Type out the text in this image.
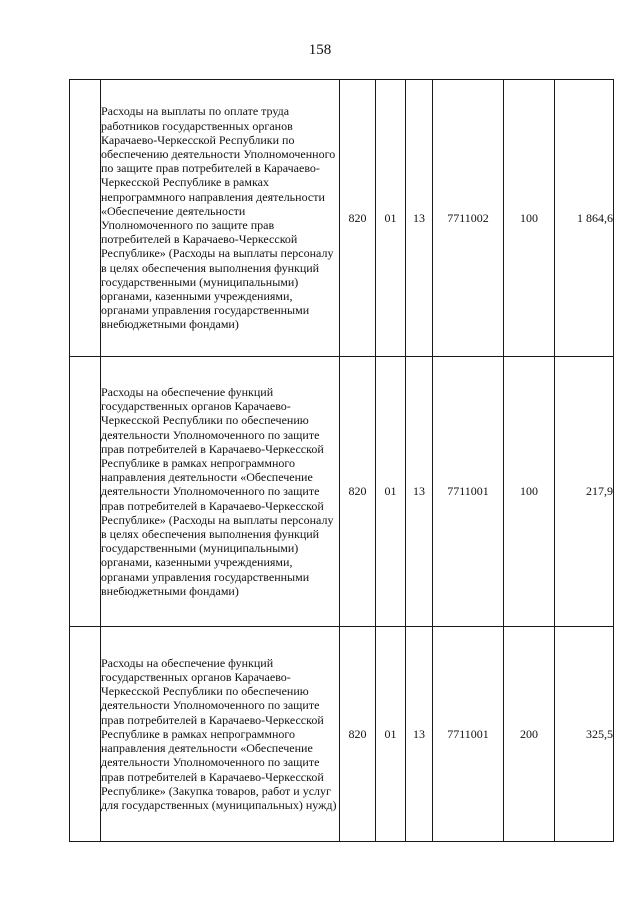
158
	Расходы на выплаты по оплате труда работников государственных органов Карачаево-Черкесской Республики по обеспечению деятельности Уполномоченного по защите прав потребителей в Карачаево-Черкесской Республике в рамках непрограммного направления деятельности «Обеспечение деятельности Уполномоченного по защите прав потребителей в Карачаево-Черкесской Республике» (Расходы на выплаты персоналу в целях обеспечения выполнения функций государственными (муниципальными) органами, казенными учреждениями, органами управления государственными внебюджетными фондами)	820	01	13	7711002	100	1 864,6
	Расходы на обеспечение функций государственных органов Карачаево-Черкесской Республики по обеспечению деятельности Уполномоченного по защите прав потребителей в Карачаево-Черкесской Республике в рамках непрограммного направления деятельности «Обеспечение деятельности Уполномоченного по защите прав потребителей в Карачаево-Черкесской Республике» (Расходы на выплаты персоналу в целях обеспечения выполнения функций государственными (муниципальными) органами, казенными учреждениями, органами управления государственными внебюджетными фондами)	820	01	13	7711001	100	217,9
	Расходы на обеспечение функций государственных органов Карачаево-Черкесской Республики по обеспечению деятельности Уполномоченного по защите прав потребителей в Карачаево-Черкесской Республике в рамках непрограммного направления деятельности «Обеспечение деятельности Уполномоченного по защите прав потребителей в Карачаево-Черкесской Республике» (Закупка товаров, работ и услуг для государственных (муниципальных) нужд)	820	01	13	7711001	200	325,5
